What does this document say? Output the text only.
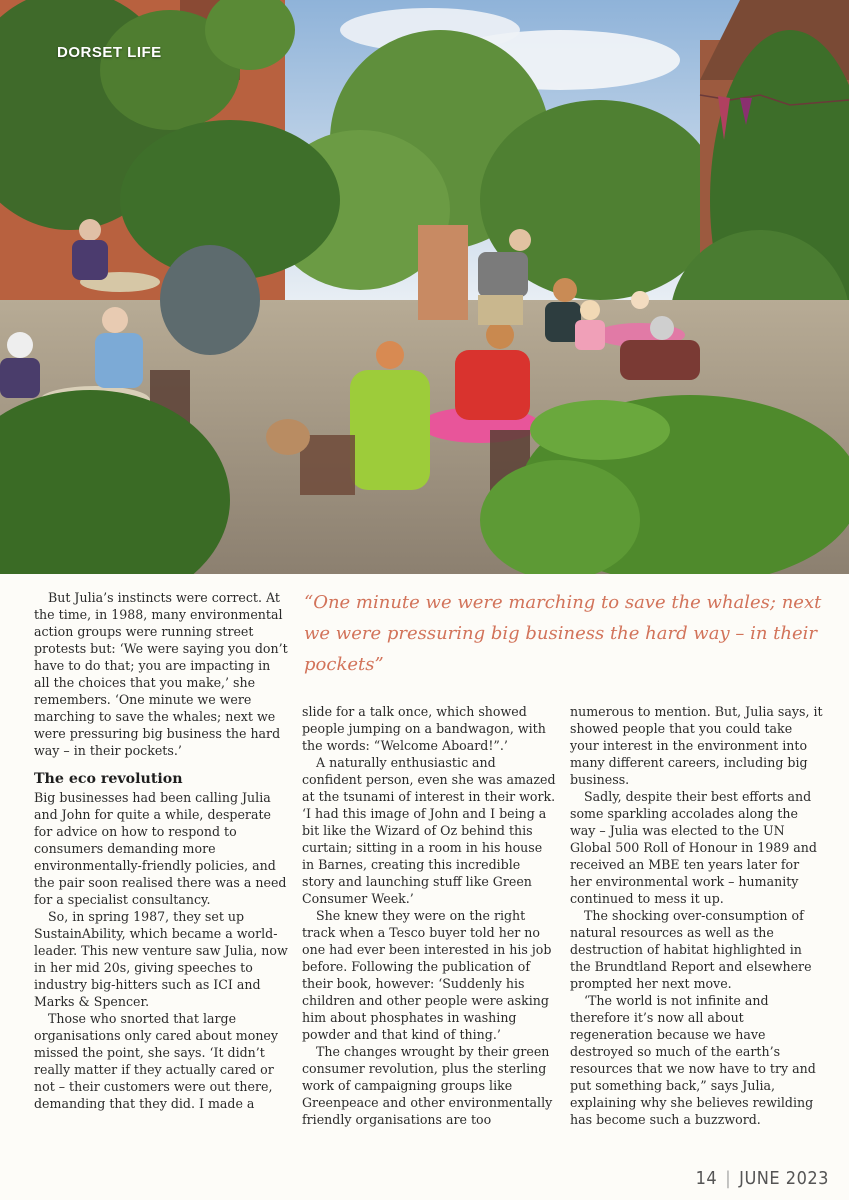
DORSET LIFE
“One minute we were marching to save the whales; next we were pressuring big business the hard way – in their pockets”

But Julia’s instincts were correct. At the time, in 1988, many environmental action groups were running street protests but: ‘We were saying you don’t have to do that; you are impacting in all the choices that you make,’ she remembers. ‘One minute we were marching to save the whales; next we were pressuring big business the hard way – in their pockets.’

The eco revolution

Big businesses had been calling Julia and John for quite a while, desperate for advice on how to respond to consumers demanding more environmentally-friendly policies, and the pair soon realised there was a need for a specialist consultancy.

So, in spring 1987, they set up SustainAbility, which became a world-leader. This new venture saw Julia, now in her mid 20s, giving speeches to industry big-hitters such as ICI and Marks & Spencer.

Those who snorted that large organisations only cared about money missed the point, she says. ‘It didn’t really matter if they actually cared or not – their customers were out there, demanding that they did. I made a

slide for a talk once, which showed people jumping on a bandwagon, with the words: “Welcome Aboard!”.’

A naturally enthusiastic and confident person, even she was amazed at the tsunami of interest in their work. ‘I had this image of John and I being a bit like the Wizard of Oz behind this curtain; sitting in a room in his house in Barnes, creating this incredible story and launching stuff like Green Consumer Week.’

She knew they were on the right track when a Tesco buyer told her no one had ever been interested in his job before. Following the publication of their book, however: ‘Suddenly his children and other people were asking him about phosphates in washing powder and that kind of thing.’

The changes wrought by their green consumer revolution, plus the sterling work of campaigning groups like Greenpeace and other environmentally friendly organisations are too

numerous to mention. But, Julia says, it showed people that you could take your interest in the environment into many different careers, including big business.

Sadly, despite their best efforts and some sparkling accolades along the way – Julia was elected to the UN Global 500 Roll of Honour in 1989 and received an MBE ten years later for her environmental work – humanity continued to mess it up.

The shocking over-consumption of natural resources as well as the destruction of habitat highlighted in the Brundtland Report and elsewhere prompted her next move.

‘The world is not infinite and therefore it’s now all about regeneration because we have destroyed so much of the earth’s resources that we now have to try and put something back,” says Julia, explaining why she believes rewilding has become such a buzzword.

14 | JUNE 2023
